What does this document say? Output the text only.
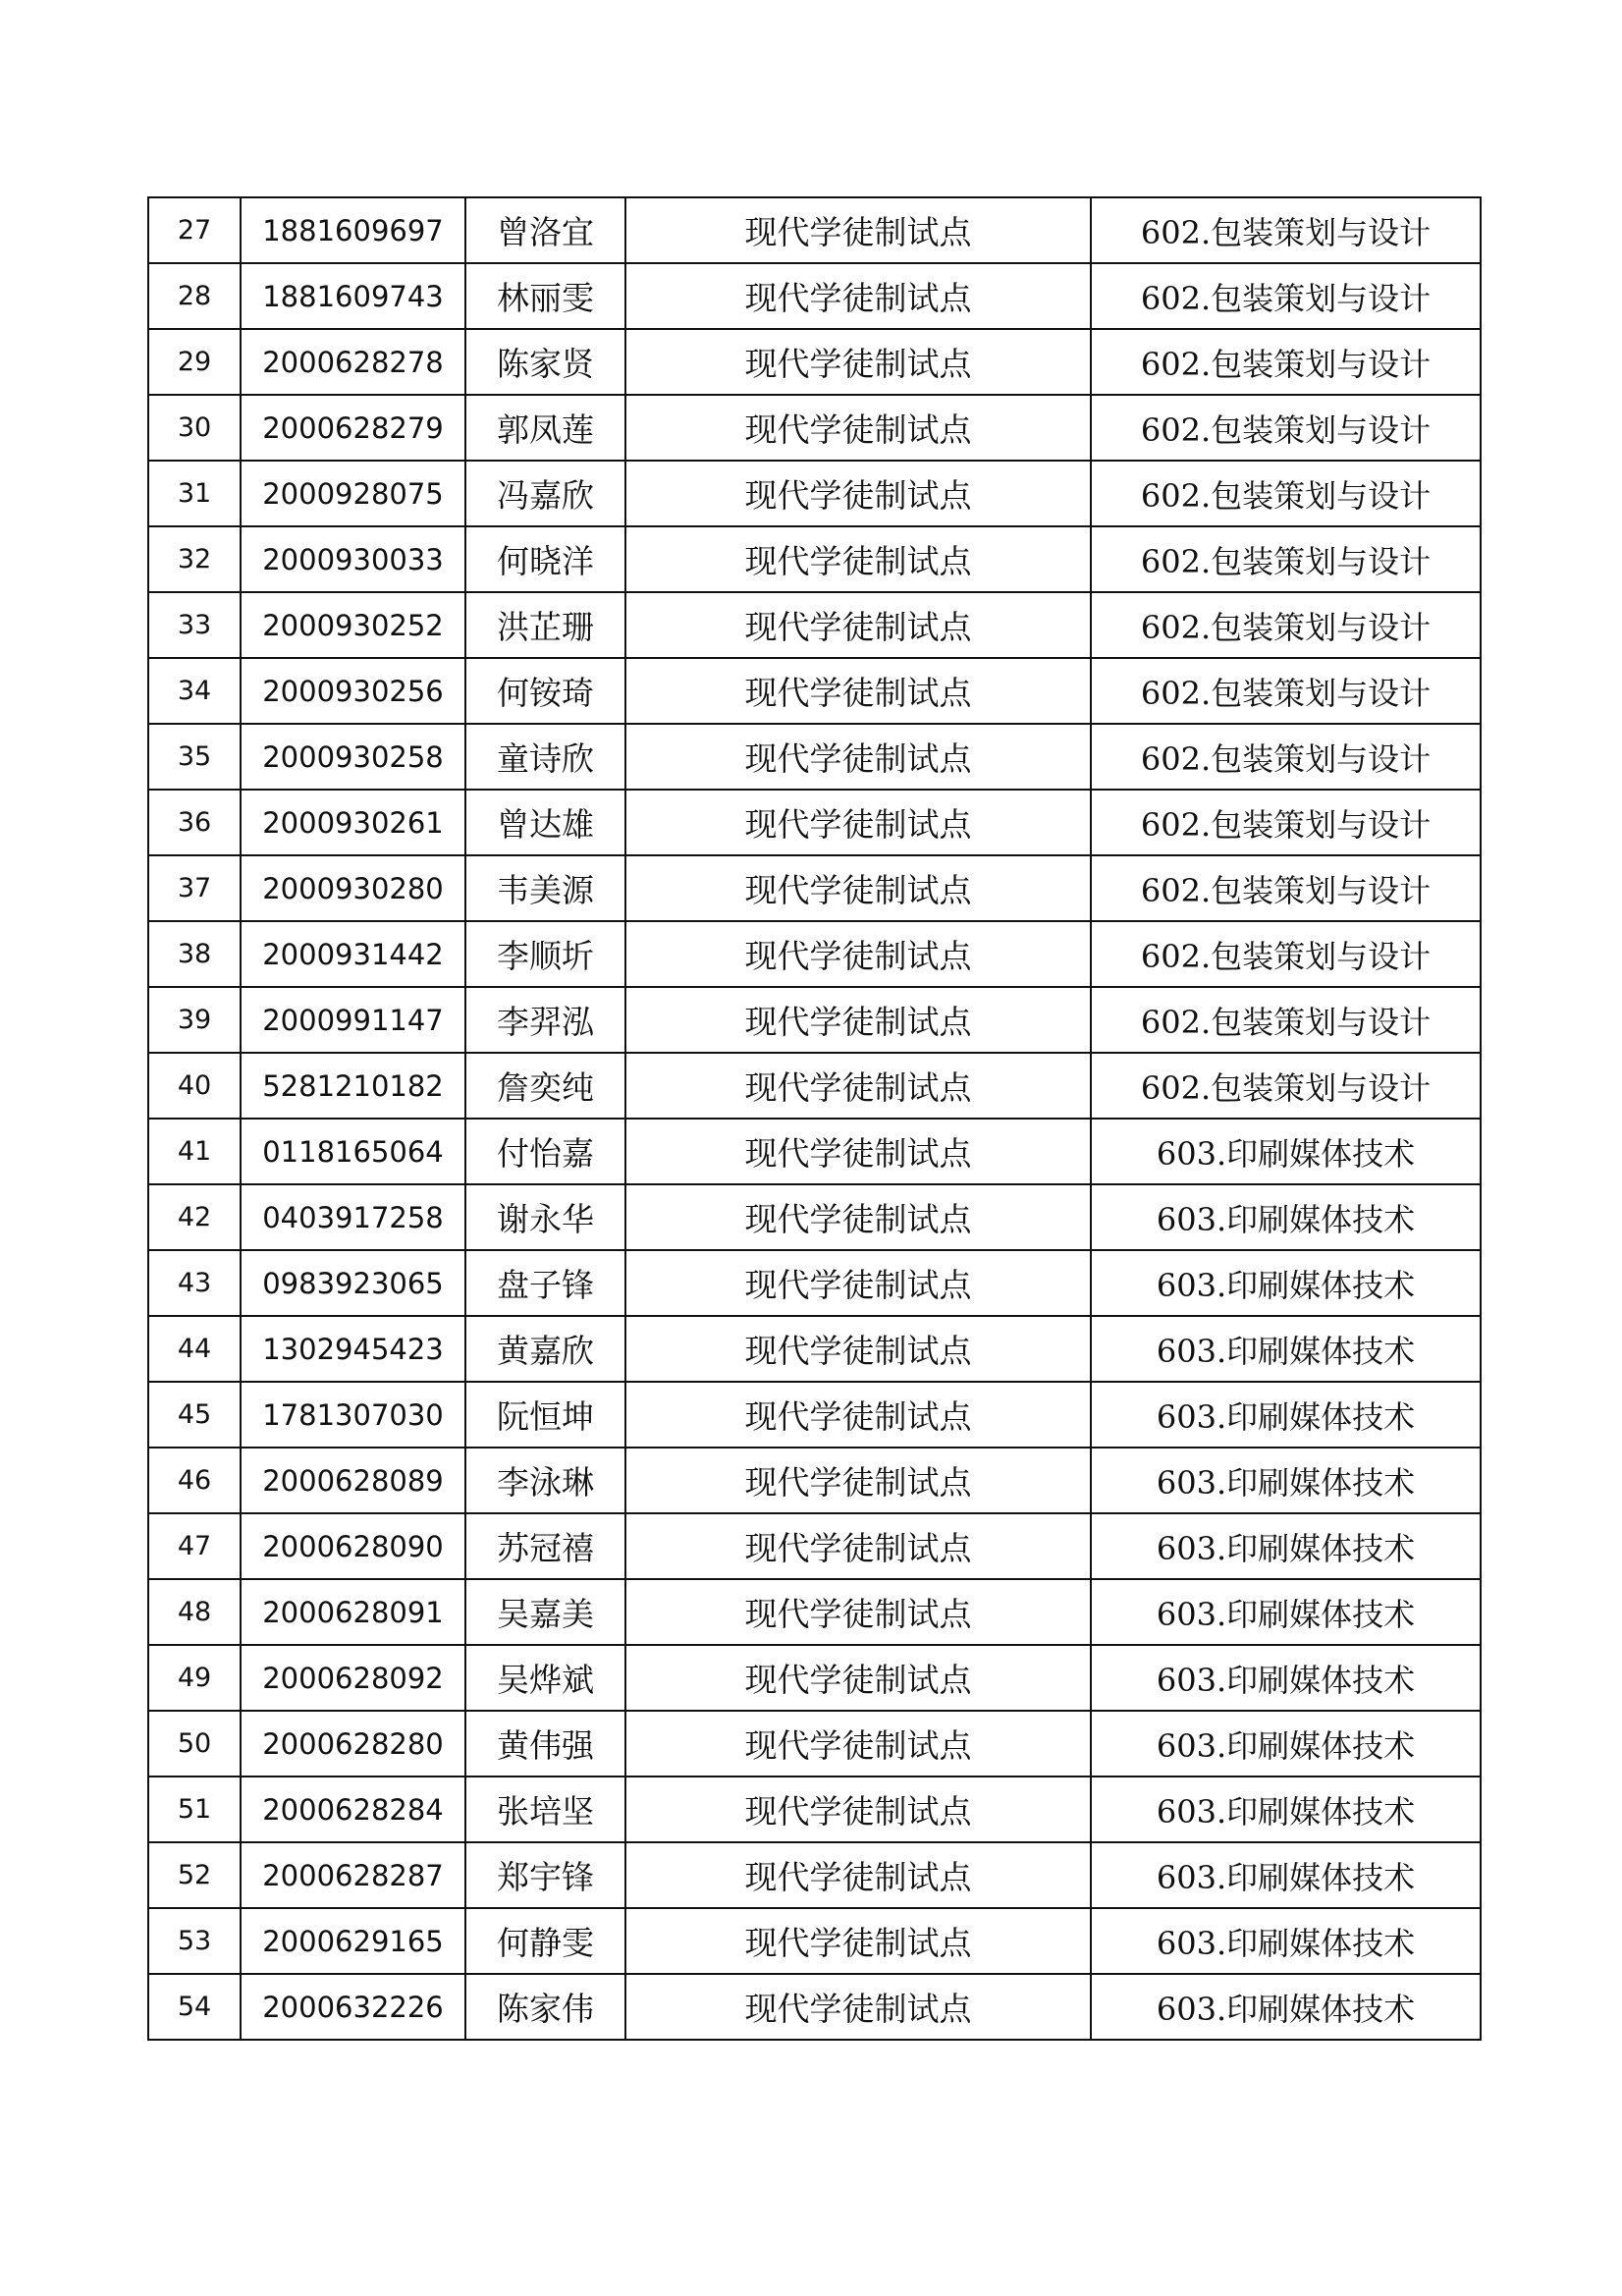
27	1881609697	曾洛宜	现代学徒制试点	602.包装策划与设计
28	1881609743	林丽雯	现代学徒制试点	602.包装策划与设计
29	2000628278	陈家贤	现代学徒制试点	602.包装策划与设计
30	2000628279	郭凤莲	现代学徒制试点	602.包装策划与设计
31	2000928075	冯嘉欣	现代学徒制试点	602.包装策划与设计
32	2000930033	何晓洋	现代学徒制试点	602.包装策划与设计
33	2000930252	洪芷珊	现代学徒制试点	602.包装策划与设计
34	2000930256	何铵琦	现代学徒制试点	602.包装策划与设计
35	2000930258	童诗欣	现代学徒制试点	602.包装策划与设计
36	2000930261	曾达雄	现代学徒制试点	602.包装策划与设计
37	2000930280	韦美源	现代学徒制试点	602.包装策划与设计
38	2000931442	李顺圻	现代学徒制试点	602.包装策划与设计
39	2000991147	李羿泓	现代学徒制试点	602.包装策划与设计
40	5281210182	詹奕纯	现代学徒制试点	602.包装策划与设计
41	0118165064	付怡嘉	现代学徒制试点	603.印刷媒体技术
42	0403917258	谢永华	现代学徒制试点	603.印刷媒体技术
43	0983923065	盘子锋	现代学徒制试点	603.印刷媒体技术
44	1302945423	黄嘉欣	现代学徒制试点	603.印刷媒体技术
45	1781307030	阮恒坤	现代学徒制试点	603.印刷媒体技术
46	2000628089	李泳琳	现代学徒制试点	603.印刷媒体技术
47	2000628090	苏冠禧	现代学徒制试点	603.印刷媒体技术
48	2000628091	吴嘉美	现代学徒制试点	603.印刷媒体技术
49	2000628092	吴烨斌	现代学徒制试点	603.印刷媒体技术
50	2000628280	黄伟强	现代学徒制试点	603.印刷媒体技术
51	2000628284	张培坚	现代学徒制试点	603.印刷媒体技术
52	2000628287	郑宇锋	现代学徒制试点	603.印刷媒体技术
53	2000629165	何静雯	现代学徒制试点	603.印刷媒体技术
54	2000632226	陈家伟	现代学徒制试点	603.印刷媒体技术
